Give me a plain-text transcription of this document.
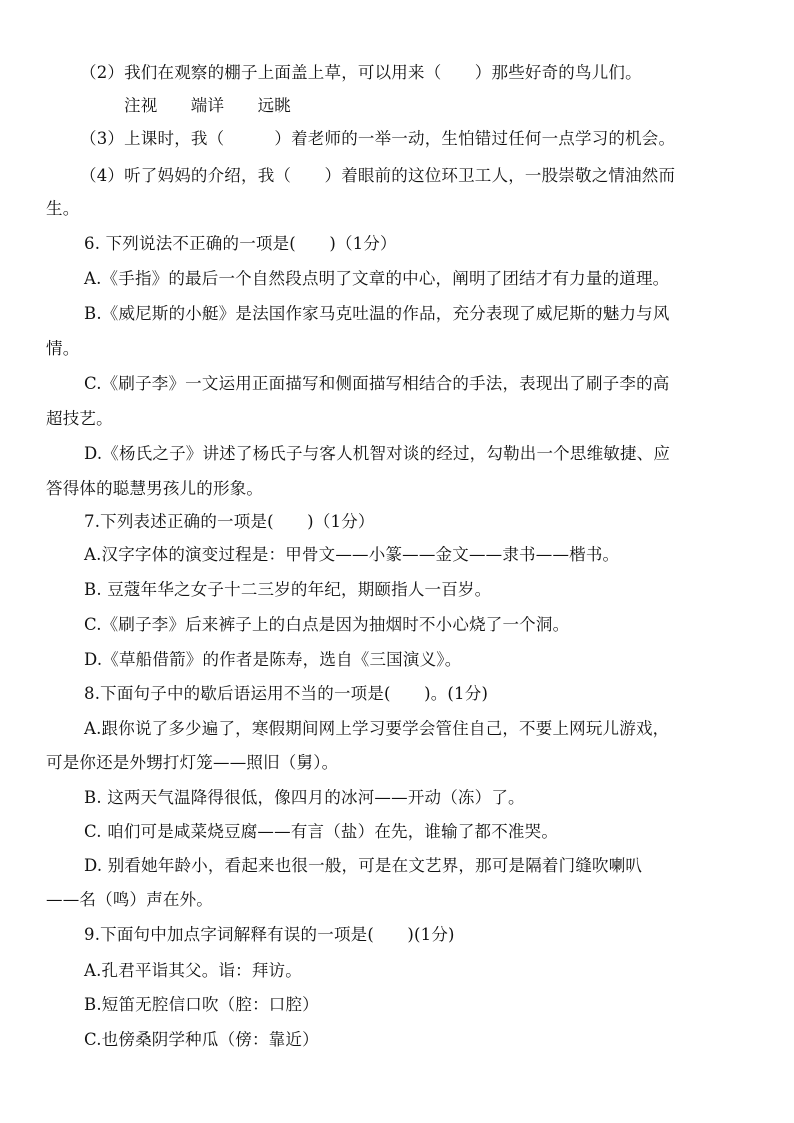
（2）我们在观察的棚子上面盖上草，可以用来（　　）那些好奇的鸟儿们。
注视　　端详　　远眺
（3）上课时，我（　　　）着老师的一举一动，生怕错过任何一点学习的机会。
（4）听了妈妈的介绍，我（　　）着眼前的这位环卫工人，一股崇敬之情油然而
生。
6. 下列说法不正确的一项是(　　)（1分）
A.《手指》的最后一个自然段点明了文章的中心，阐明了团结才有力量的道理。
B.《威尼斯的小艇》是法国作家马克吐温的作品，充分表现了威尼斯的魅力与风
情。
C.《刷子李》一文运用正面描写和侧面描写相结合的手法，表现出了刷子李的高
超技艺。
D.《杨氏之子》讲述了杨氏子与客人机智对谈的经过，勾勒出一个思维敏捷、应
答得体的聪慧男孩儿的形象。
7.下列表述正确的一项是(　　)（1分）
A.汉字字体的演变过程是：甲骨文——小篆——金文——隶书——楷书。
B. 豆蔻年华之女子十二三岁的年纪，期颐指人一百岁。
C.《刷子李》后来裤子上的白点是因为抽烟时不小心烧了一个洞。
D.《草船借箭》的作者是陈寿，选自《三国演义》。
8.下面句子中的歇后语运用不当的一项是(　　)。(1分)
A.跟你说了多少遍了，寒假期间网上学习要学会管住自己，不要上网玩儿游戏，
可是你还是外甥打灯笼——照旧（舅）。
B. 这两天气温降得很低，像四月的冰河——开动（冻）了。
C. 咱们可是咸菜烧豆腐——有言（盐）在先，谁输了都不准哭。
D. 别看她年龄小，看起来也很一般，可是在文艺界，那可是隔着门缝吹喇叭
——名（鸣）声在外。
9.下面句中加点字词解释有误的一项是(　　)(1分)
A.孔君平诣其父。诣：拜访。
B.短笛无腔信口吹（腔：口腔）
C.也傍桑阴学种瓜（傍：靠近）
